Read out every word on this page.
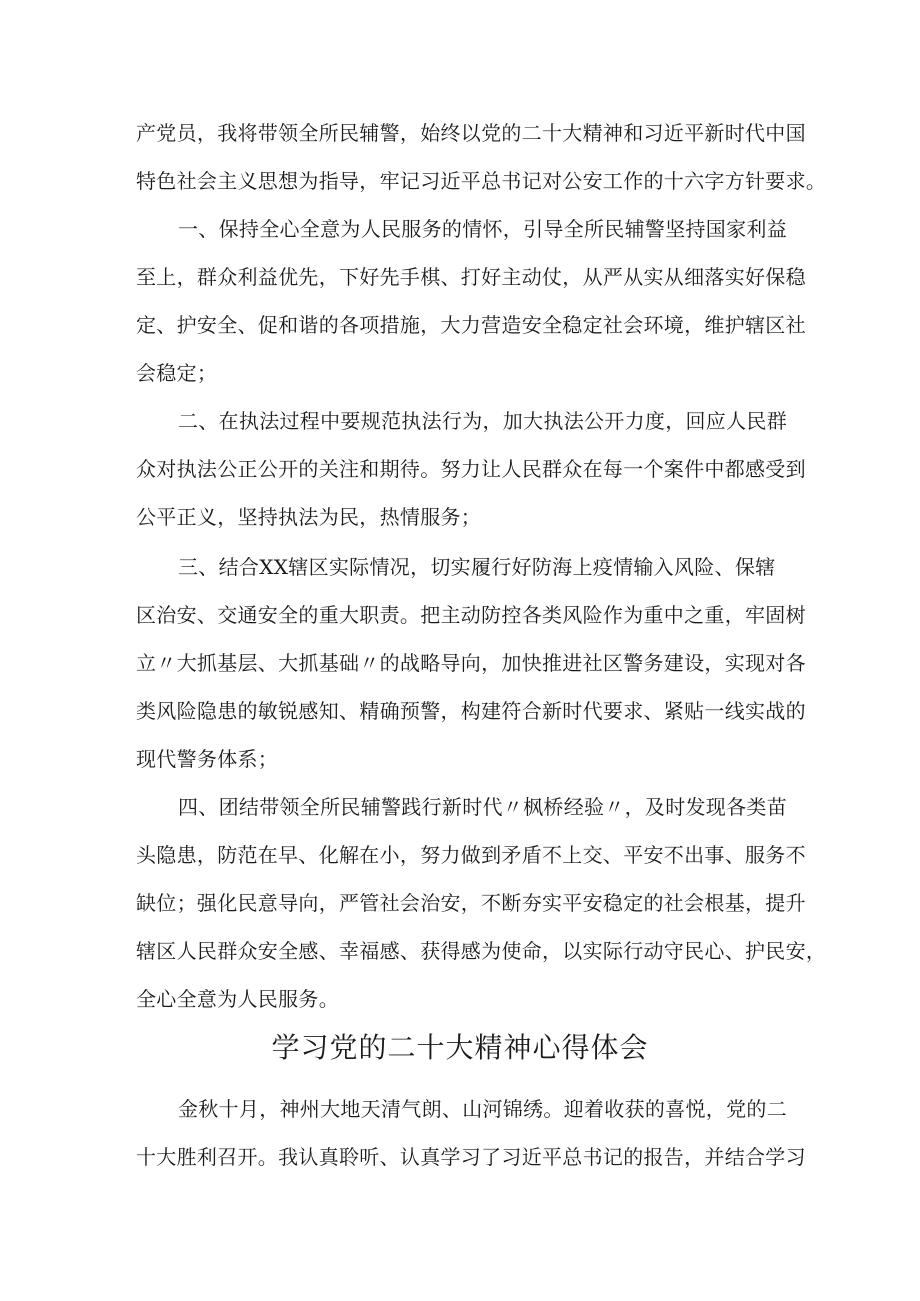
产党员，我将带领全所民辅警，始终以党的二十大精神和习近平新时代中国
特色社会主义思想为指导，牢记习近平总书记对公安工作的十六字方针要求。
一、保持全心全意为人民服务的情怀，引导全所民辅警坚持国家利益
至上，群众利益优先，下好先手棋、打好主动仗，从严从实从细落实好保稳
定、护安全、促和谐的各项措施，大力营造安全稳定社会环境，维护辖区社
会稳定；
二、在执法过程中要规范执法行为，加大执法公开力度，回应人民群
众对执法公正公开的关注和期待。努力让人民群众在每一个案件中都感受到
公平正义，坚持执法为民，热情服务；
三、结合XX辖区实际情况，切实履行好防海上疫情输入风险、保辖
区治安、交通安全的重大职责。把主动防控各类风险作为重中之重，牢固树
立〃大抓基层、大抓基础〃的战略导向，加快推进社区警务建设，实现对各
类风险隐患的敏锐感知、精确预警，构建符合新时代要求、紧贴一线实战的
现代警务体系；
四、团结带领全所民辅警践行新时代〃枫桥经验〃，及时发现各类苗
头隐患，防范在早、化解在小，努力做到矛盾不上交、平安不出事、服务不
缺位；强化民意导向，严管社会治安，不断夯实平安稳定的社会根基，提升
辖区人民群众安全感、幸福感、获得感为使命，以实际行动守民心、护民安，
全心全意为人民服务。
学习党的二十大精神心得体会
金秋十月，神州大地天清气朗、山河锦绣。迎着收获的喜悦，党的二
十大胜利召开。我认真聆听、认真学习了习近平总书记的报告，并结合学习
